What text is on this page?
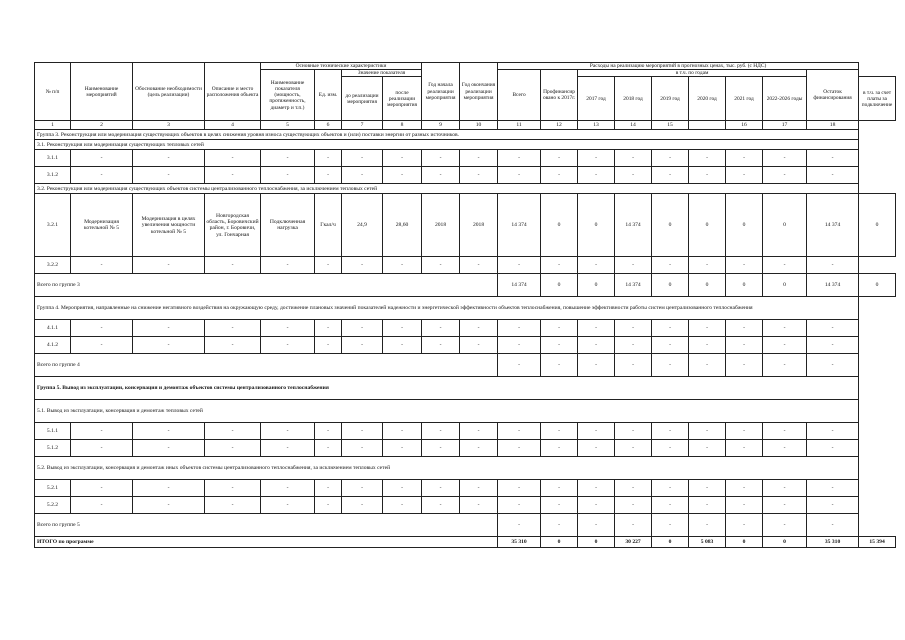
№ п/п	Наименование мероприятий	Обоснование необходимости (цель реализации)	Описание и место расположения объекта	Основные технические характеристики				Год начала реализации мероприятия	Год окончания реализации мероприятия	Расходы на реализацию мероприятий в прогнозных ценах, тыс. руб. (с НДС)									
				Наименование показателя (мощность, протяженность, диаметр и т.п.)	Ед. изм.	Значение показателя				Всего	Профинансировано к 2017г.	в т.ч. по годам						Остаток финансирования	
						до реализации мероприятия	после реализации мероприятия					2017 год	2018 год	2019 год	2020 год	2021 год	2022-2026 годы		в т.ч. за счет платы за подключение
1	2	3	4	5	6	7	8	9	10	11	12	13	14	15		16	17	18	
Группа 3. Реконструкция или модернизация существующих объектов в целях снижения уровня износа существующих объектов и (или) поставки энергии от разных источников.																			
3.1. Реконструкция или модернизация существующих тепловых сетей																			
3.1.1	-	-	-	-	-	-	-	-	-	-	-	-	-	-	-	-	-	-	
3.1.2	-	-	-	-	-	-	-	-	-	-	-	-	-	-	-	-	-	-	
3.2. Реконструкция или модернизация существующих объектов системы централизованного теплоснабжения, за исключением тепловых сетей																			
3.2.1	Модернизация котельной № 5	Модернизация в целях увеличения мощности котельной № 5	Новгородская область, Боровичский район, г. Боровичи, ул. Гончарная	Подключенная нагрузка	Гкал/ч	24,9	28,60	2018	2018	14 374	0	0	14 374	0	0	0	0	14 374	0
3.2.2	-	-	-	-	-	-	-	-	-	-	-	-	-	-	-	-	-	-	
Всего по группе 3										14 374	0	0	14 374	0	0	0	0	14 374	0
Группа 4. Мероприятия, направленные на снижение негативного воздействия на окружающую среду, достижение плановых значений показателей надежности и энергетической эффективности объектов теплоснабжения, повышение эффективности работы систем централизованного теплоснабжения																			
4.1.1	-	-	-	-	-	-	-	-	-	-	-	-	-	-	-	-	-	-	
4.1.2	-	-	-	-	-	-	-	-	-	-	-	-	-	-	-	-	-	-	
Всего по группе 4										-	-	-	-	-	-	-	-	-	
Группа 5. Вывод из эксплуатации, консервация и демонтаж объектов системы централизованного теплоснабжения																			
5.1. Вывод из эксплуатации, консервация и демонтаж тепловых сетей																			
5.1.1	-	-	-	-	-	-	-	-	-	-	-	-	-	-	-	-	-	-	
5.1.2	-	-	-	-	-	-	-	-	-	-	-	-	-	-	-	-	-	-	
5.2. Вывод из эксплуатации, консервация и демонтаж иных объектов системы централизованного теплоснабжения, за исключением тепловых сетей																			
5.2.1	-	-	-	-	-	-	-	-	-	-	-	-	-	-	-	-	-	-	
5.2.2	-	-	-	-	-	-	-	-	-	-	-	-	-	-	-	-	-	-	
Всего по группе 5										-	-	-	-	-	-	-	-	-	
ИТОГО по программе										35 310	0	0	30 227	0	5 083	0	0	35 310	15 394
